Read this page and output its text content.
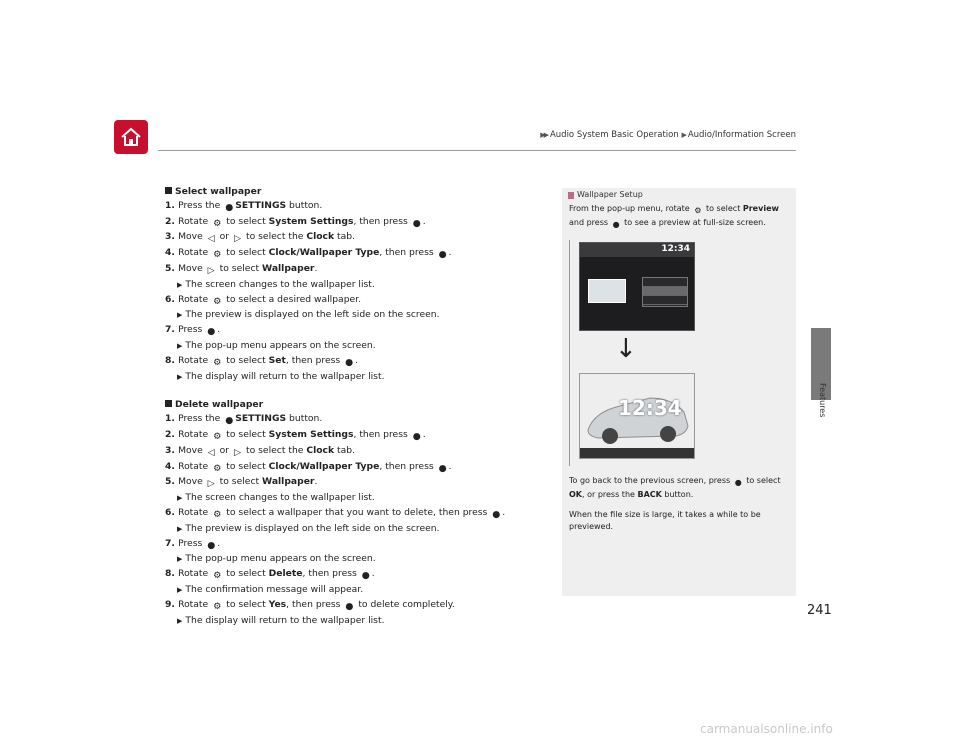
▶▶ Audio System Basic Operation ▶ Audio/Information Screen
Features
241
Select wallpaper
1. Press the ● SETTINGS button.
2. Rotate ⚙ to select System Settings, then press ● .
3. Move ◁ or ▷ to select the Clock tab.
4. Rotate ⚙ to select Clock/Wallpaper Type, then press ● .
5. Move ▷ to select Wallpaper.
▶ The screen changes to the wallpaper list.
6. Rotate ⚙ to select a desired wallpaper.
▶ The preview is displayed on the left side on the screen.
7. Press ● .
▶ The pop-up menu appears on the screen.
8. Rotate ⚙ to select Set, then press ● .
▶ The display will return to the wallpaper list.
Delete wallpaper
1. Press the ● SETTINGS button.
2. Rotate ⚙ to select System Settings, then press ● .
3. Move ◁ or ▷ to select the Clock tab.
4. Rotate ⚙ to select Clock/Wallpaper Type, then press ● .
5. Move ▷ to select Wallpaper.
▶ The screen changes to the wallpaper list.
6. Rotate ⚙ to select a wallpaper that you want to delete, then press ● .
▶ The preview is displayed on the left side on the screen.
7. Press ● .
▶ The pop-up menu appears on the screen.
8. Rotate ⚙ to select Delete, then press ● .
▶ The confirmation message will appear.
9. Rotate ⚙ to select Yes, then press ● to delete completely.
▶ The display will return to the wallpaper list.
Wallpaper Setup
From the pop-up menu, rotate ⚙ to select Preview
and press ● to see a preview at full-size screen.
12:34
↓
12:34

To go back to the previous screen, press ● to select
OK, or press the BACK button.

When the file size is large, it takes a while to be previewed.

carmanualsonline.info
